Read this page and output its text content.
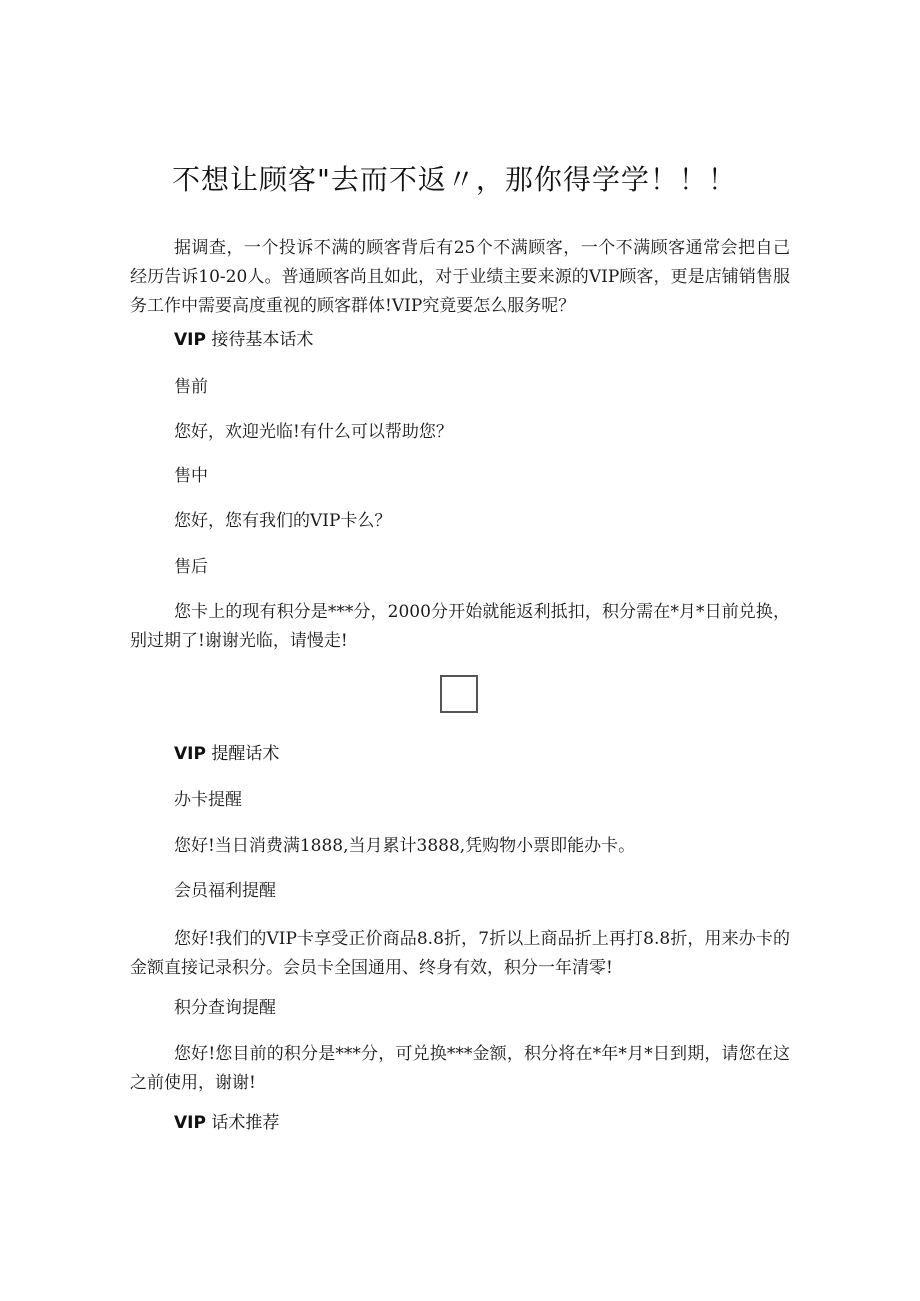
不想让顾客"去而不返〃，那你得学学！！！
据调查，一个投诉不满的顾客背后有25个不满顾客，一个不满顾客通常会把自己经历告诉10-20人。普通顾客尚且如此，对于业绩主要来源的VIP顾客，更是店铺销售服务工作中需要高度重视的顾客群体!VIP究竟要怎么服务呢？
VIP 接待基本话术
售前
您好，欢迎光临!有什么可以帮助您？
售中
您好，您有我们的VIP卡么？
售后
您卡上的现有积分是***分，2000分开始就能返利抵扣，积分需在*月*日前兑换，别过期了!谢谢光临，请慢走!
VIP 提醒话术
办卡提醒
您好!当日消费满1888,当月累计3888,凭购物小票即能办卡。
会员福利提醒
您好!我们的VIP卡享受正价商品8.8折，7折以上商品折上再打8.8折，用来办卡的金额直接记录积分。会员卡全国通用、终身有效，积分一年清零!
积分查询提醒
您好!您目前的积分是***分，可兑换***金额，积分将在*年*月*日到期，请您在这之前使用，谢谢!
VIP 话术推荐
